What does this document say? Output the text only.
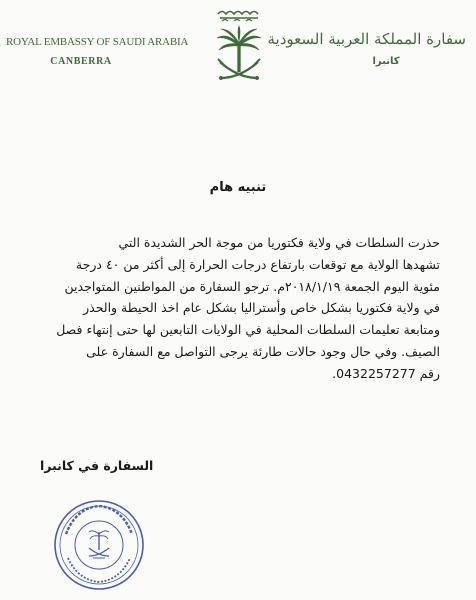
ROYAL EMBASSY OF SAUDI ARABIA
CANBERRA
سفارة المملكة العربية السعودية
كانبرا
تنبيه هام
حذرت السلطات في ولاية فكتوريا من موجة الحر الشديدة التي
تشهدها الولاية مع توقعات بارتفاع درجات الحرارة إلى أكثر من ٤٠ درجة
مئوية اليوم الجمعة ٢٠١٨/١/١٩م. ترجو السفارة من المواطنين المتواجدين
في ولاية فكتوريا بشكل خاص وأستراليا بشكل عام اخذ الحيطة والحذر
ومتابعة تعليمات السلطات المحلية في الولايات التابعين لها حتى إنتهاء فصل
الصيف. وفي حال وجود حالات طارئة يرجى التواصل مع السفارة على
رقم 0432257277.
السفارة في كانبرا
